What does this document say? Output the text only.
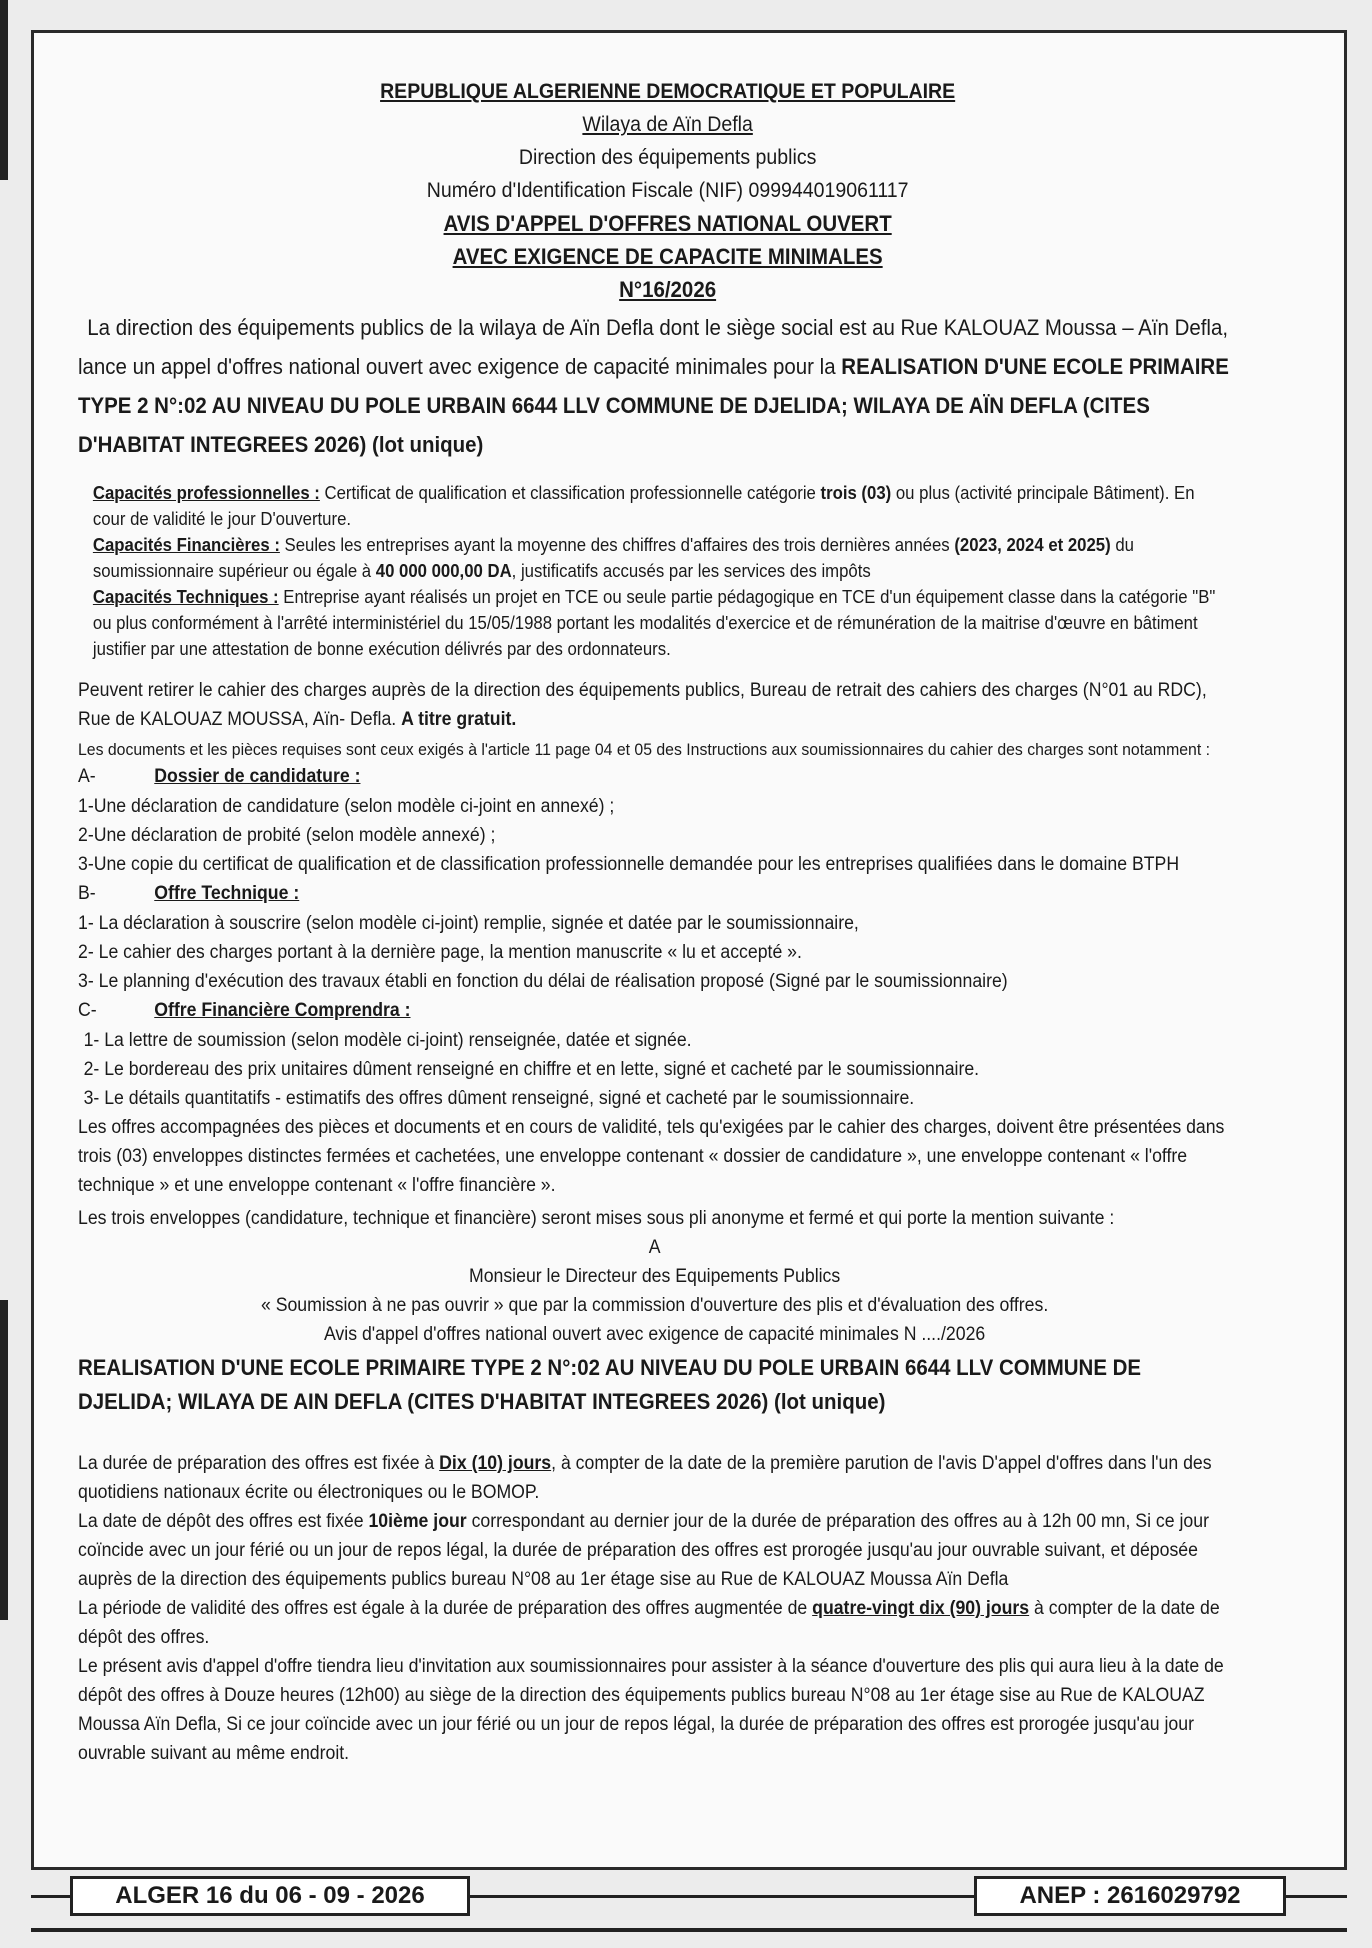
REPUBLIQUE ALGERIENNE DEMOCRATIQUE ET POPULAIRE
Wilaya de Aïn Defla
Direction des équipements publics
Numéro d'Identification Fiscale (NIF) 099944019061117
AVIS D'APPEL D'OFFRES NATIONAL OUVERT
AVEC EXIGENCE DE CAPACITE MINIMALES
N°16/2026

La direction des équipements publics de la wilaya de Aïn Defla dont le siège social est au Rue KALOUAZ Moussa – Aïn Defla, lance un appel d'offres national ouvert avec exigence de capacité minimales pour la REALISATION D'UNE ECOLE PRIMAIRE TYPE 2 N°:02 AU NIVEAU DU POLE URBAIN 6644 LLV COMMUNE DE DJELIDA; WILAYA DE AÏN DEFLA (CITES D'HABITAT INTEGREES 2026) (lot unique)

Capacités professionnelles : Certificat de qualification et classification professionnelle catégorie trois (03) ou plus (activité principale Bâtiment). En cour de validité le jour D'ouverture.

Capacités Financières : Seules les entreprises ayant la moyenne des chiffres d'affaires des trois dernières années (2023, 2024 et 2025) du soumissionnaire supérieur ou égale à 40 000 000,00 DA, justificatifs accusés par les services des impôts

Capacités Techniques : Entreprise ayant réalisés un projet en TCE ou seule partie pédagogique en TCE d'un équipement classe dans la catégorie "B" ou plus conformément à l'arrêté interministériel du 15/05/1988 portant les modalités d'exercice et de rémunération de la maitrise d'œuvre en bâtiment justifier par une attestation de bonne exécution délivrés par des ordonnateurs.

Peuvent retirer le cahier des charges auprès de la direction des équipements publics, Bureau de retrait des cahiers des charges (N°01 au RDC), Rue de KALOUAZ MOUSSA, Aïn- Defla. A titre gratuit.

Les documents et les pièces requises sont ceux exigés à l'article 11 page 04 et 05 des Instructions aux soumissionnaires du cahier des charges sont notamment :

A-	Dossier de candidature :

1-Une déclaration de candidature (selon modèle ci-joint en annexé) ;

2-Une déclaration de probité (selon modèle annexé) ;

3-Une copie du certificat de qualification et de classification professionnelle demandée pour les entreprises qualifiées dans le domaine BTPH

B-	Offre Technique :

1- La déclaration à souscrire (selon modèle ci-joint) remplie, signée et datée par le soumissionnaire,

2- Le cahier des charges portant à la dernière page, la mention manuscrite « lu et accepté ».

3- Le planning d'exécution des travaux établi en fonction du délai de réalisation proposé (Signé par le soumissionnaire)

C-	Offre Financière Comprendra :

1- La lettre de soumission (selon modèle ci-joint) renseignée, datée et signée.

2- Le bordereau des prix unitaires dûment renseigné en chiffre et en lette, signé et cacheté par le soumissionnaire.

3- Le détails quantitatifs - estimatifs des offres dûment renseigné, signé et cacheté par le soumissionnaire.

Les offres accompagnées des pièces et documents et en cours de validité, tels qu'exigées par le cahier des charges, doivent être présentées dans trois (03) enveloppes distinctes fermées et cachetées, une enveloppe contenant « dossier de candidature », une enveloppe contenant « l'offre technique » et une enveloppe contenant « l'offre financière ».

Les trois enveloppes (candidature, technique et financière) seront mises sous pli anonyme et fermé et qui porte la mention suivante :

A

Monsieur le Directeur des Equipements Publics

« Soumission à ne pas ouvrir » que par la commission d'ouverture des plis et d'évaluation des offres.

Avis d'appel d'offres national ouvert avec exigence de capacité minimales N ..../2026

REALISATION D'UNE ECOLE PRIMAIRE TYPE 2 N°:02 AU NIVEAU DU POLE URBAIN 6644 LLV COMMUNE DE DJELIDA; WILAYA DE AIN DEFLA (CITES D'HABITAT INTEGREES 2026) (lot unique)

La durée de préparation des offres est fixée à Dix (10) jours, à compter de la date de la première parution de l'avis D'appel d'offres dans l'un des quotidiens nationaux écrite ou électroniques ou le BOMOP.

La date de dépôt des offres est fixée 10ième jour correspondant au dernier jour de la durée de préparation des offres au à 12h 00 mn, Si ce jour coïncide avec un jour férié ou un jour de repos légal, la durée de préparation des offres est prorogée jusqu'au jour ouvrable suivant, et déposée auprès de la direction des équipements publics bureau N°08 au 1er étage sise au Rue de KALOUAZ Moussa Aïn Defla

La période de validité des offres est égale à la durée de préparation des offres augmentée de quatre-vingt dix (90) jours à compter de la date de dépôt des offres.

Le présent avis d'appel d'offre tiendra lieu d'invitation aux soumissionnaires pour assister à la séance d'ouverture des plis qui aura lieu à la date de dépôt des offres à Douze heures (12h00) au siège de la direction des équipements publics bureau N°08 au 1er étage sise au Rue de KALOUAZ Moussa Aïn Defla, Si ce jour coïncide avec un jour férié ou un jour de repos légal, la durée de préparation des offres est prorogée jusqu'au jour ouvrable suivant au même endroit.

ALGER 16 du 06 - 09 - 2026	ANEP : 2616029792
